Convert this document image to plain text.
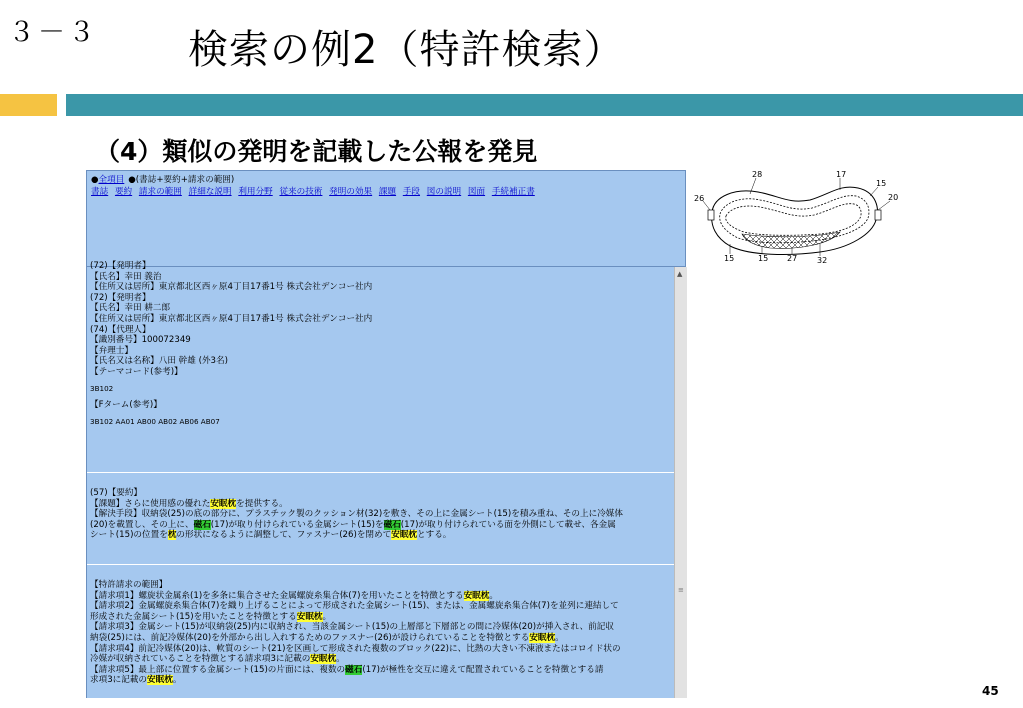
３－３ 検索の例2（特許検索）
（4）類似の発明を記載した公報を発見
●全項目 ●(書誌+要約+請求の範囲)
書誌 要約 請求の範囲 詳細な説明 利用分野 従来の技術 発明の効果 課題 手段 図の説明 図面 手続補正書
(72)【発明者】
【氏名】幸田 義治
【住所又は居所】東京都北区西ヶ原4丁目17番1号 株式会社デンコー社内
(72)【発明者】
【氏名】幸田 耕二郎
【住所又は居所】東京都北区西ヶ原4丁目17番1号 株式会社デンコー社内
(74)【代理人】
【識別番号】100072349
【弁理士】
【氏名又は名称】八田 幹雄 (外3名)
【テーマコード(参考)】
3B102
【Fターム(参考)】
3B102 AA01 AB00 AB02 AB06 AB07
(57)【要約】
【課題】さらに使用感の優れた安眠枕を提供する。
【解決手段】収納袋(25)の底の部分に、プラスチック製のクッション材(32)を敷き、その上に金属シート(15)を積み重ね、その上に冷媒体
(20)を載置し、その上に、磁石(17)が取り付けられている金属シート(15)を磁石(17)が取り付けられている面を外側にして載せ、各金属
シート(15)の位置を枕の形状になるように調整して、ファスナー(26)を閉めて安眠枕とする。
【特許請求の範囲】
【請求項1】螺旋状金属糸(1)を多条に集合させた金属螺旋糸集合体(7)を用いたことを特徴とする安眠枕。
【請求項2】金属螺旋糸集合体(7)を織り上げることによって形成された金属シート(15)、または、金属螺旋糸集合体(7)を並列に連結して
形成された金属シート(15)を用いたことを特徴とする安眠枕。
【請求項3】金属シート(15)が収納袋(25)内に収納され、当該金属シート(15)の上層部と下層部との間に冷媒体(20)が挿入され、前記収
納袋(25)には、前記冷媒体(20)を外部から出し入れするためのファスナー(26)が設けられていることを特徴とする安眠枕。
【請求項4】前記冷媒体(20)は、軟質のシート(21)を区画して形成された複数のブロック(22)に、比熱の大きい不凍液またはコロイド状の
冷媒が収納されていることを特徴とする請求項3に記載の安眠枕。
【請求項5】最上部に位置する金属シート(15)の片面には、複数の磁石(17)が極性を交互に違えて配置されていることを特徴とする請
求項3に記載の安眠枕。
▲
≡
28	17
15
20
26
15	15 27 32
45
